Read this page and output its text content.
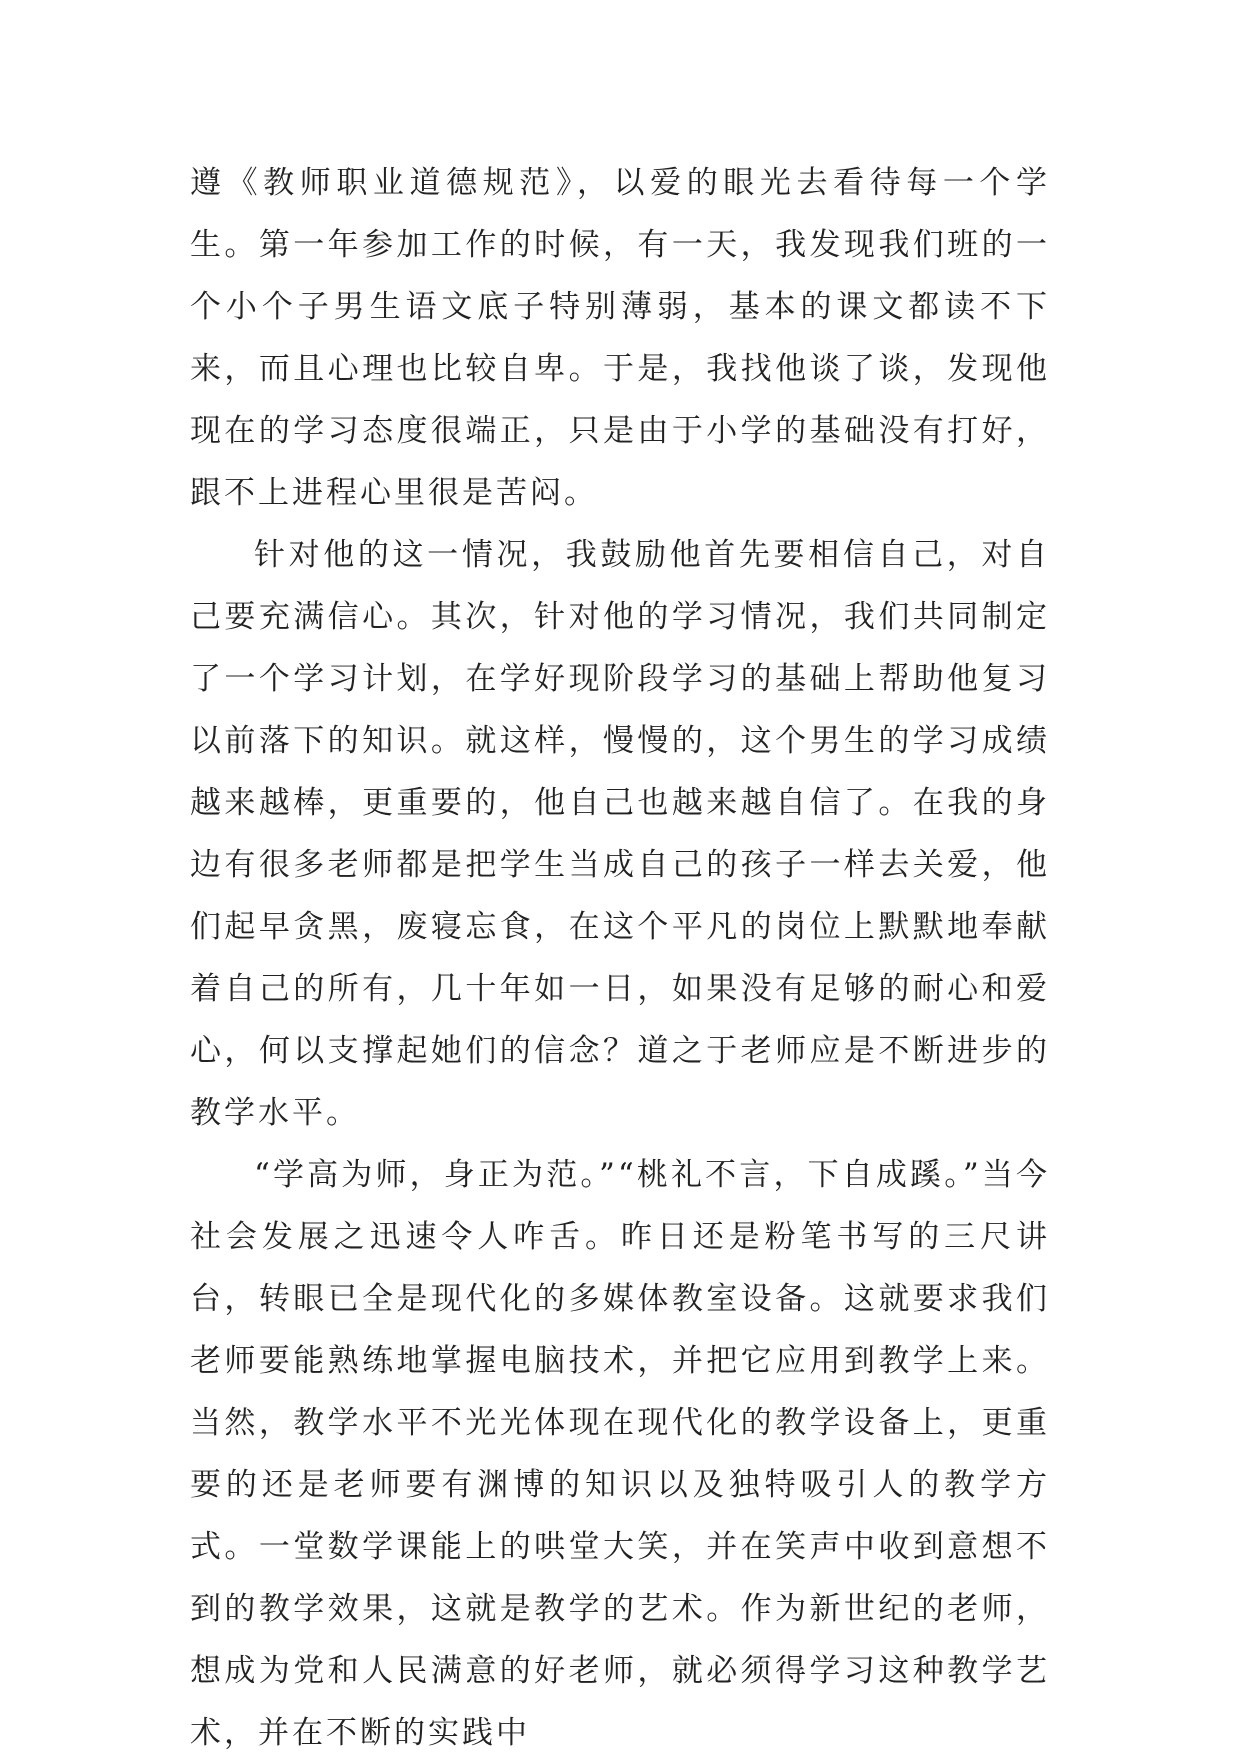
遵《教师职业道德规范》，以爱的眼光去看待每一个学生。第一年参加工作的时候，有一天，我发现我们班的一个小个子男生语文底子特别薄弱，基本的课文都读不下来，而且心理也比较自卑。于是，我找他谈了谈，发现他现在的学习态度很端正，只是由于小学的基础没有打好，跟不上进程心里很是苦闷。

针对他的这一情况，我鼓励他首先要相信自己，对自己要充满信心。其次，针对他的学习情况，我们共同制定了一个学习计划，在学好现阶段学习的基础上帮助他复习以前落下的知识。就这样，慢慢的，这个男生的学习成绩越来越棒，更重要的，他自己也越来越自信了。在我的身边有很多老师都是把学生当成自己的孩子一样去关爱，他们起早贪黑，废寝忘食，在这个平凡的岗位上默默地奉献着自己的所有，几十年如一日，如果没有足够的耐心和爱心，何以支撑起她们的信念？道之于老师应是不断进步的教学水平。

“学高为师，身正为范。”“桃礼不言，下自成蹊。”当今社会发展之迅速令人咋舌。昨日还是粉笔书写的三尺讲台，转眼已全是现代化的多媒体教室设备。这就要求我们老师要能熟练地掌握电脑技术，并把它应用到教学上来。当然，教学水平不光光体现在现代化的教学设备上，更重要的还是老师要有渊博的知识以及独特吸引人的教学方式。一堂数学课能上的哄堂大笑，并在笑声中收到意想不到的教学效果，这就是教学的艺术。作为新世纪的老师，想成为党和人民满意的好老师，就必须得学习这种教学艺术，并在不断的实践中
